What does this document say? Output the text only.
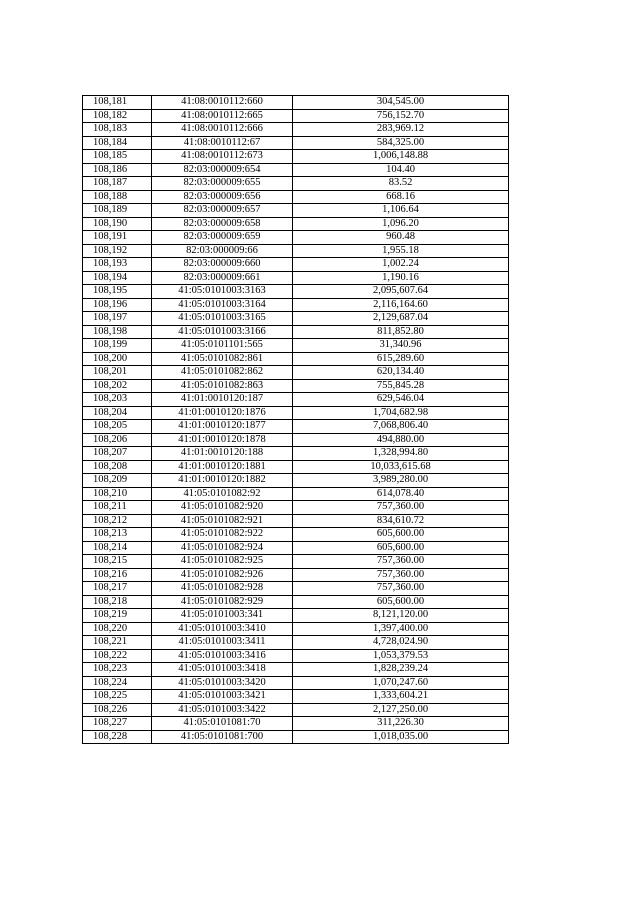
108,181	41:08:0010112:660	304,545.00
108,182	41:08:0010112:665	756,152.70
108,183	41:08:0010112:666	283,969.12
108,184	41:08:0010112:67	584,325.00
108,185	41:08:0010112:673	1,006,148.88
108,186	82:03:000009:654	104.40
108,187	82:03:000009:655	83.52
108,188	82:03:000009:656	668.16
108,189	82:03:000009:657	1,106.64
108,190	82:03:000009:658	1,096.20
108,191	82:03:000009:659	960.48
108,192	82:03:000009:66	1,955.18
108,193	82:03:000009:660	1,002.24
108,194	82:03:000009:661	1,190.16
108,195	41:05:0101003:3163	2,095,607.64
108,196	41:05:0101003:3164	2,116,164.60
108,197	41:05:0101003:3165	2,129,687.04
108,198	41:05:0101003:3166	811,852.80
108,199	41:05:0101101:565	31,340.96
108,200	41:05:0101082:861	615,289.60
108,201	41:05:0101082:862	620,134.40
108,202	41:05:0101082:863	755,845.28
108,203	41:01:0010120:187	629,546.04
108,204	41:01:0010120:1876	1,704,682.98
108,205	41:01:0010120:1877	7,068,806.40
108,206	41:01:0010120:1878	494,880.00
108,207	41:01:0010120:188	1,328,994.80
108,208	41:01:0010120:1881	10,033,615.68
108,209	41:01:0010120:1882	3,989,280.00
108,210	41:05:0101082:92	614,078.40
108,211	41:05:0101082:920	757,360.00
108,212	41:05:0101082:921	834,610.72
108,213	41:05:0101082:922	605,600.00
108,214	41:05:0101082:924	605,600.00
108,215	41:05:0101082:925	757,360.00
108,216	41:05:0101082:926	757,360.00
108,217	41:05:0101082:928	757,360.00
108,218	41:05:0101082:929	605,600.00
108,219	41:05:0101003:341	8,121,120.00
108,220	41:05:0101003:3410	1,397,400.00
108,221	41:05:0101003:3411	4,728,024.90
108,222	41:05:0101003:3416	1,053,379.53
108,223	41:05:0101003:3418	1,828,239.24
108,224	41:05:0101003:3420	1,070,247.60
108,225	41:05:0101003:3421	1,333,604.21
108,226	41:05:0101003:3422	2,127,250.00
108,227	41:05:0101081:70	311,226.30
108,228	41:05:0101081:700	1,018,035.00
